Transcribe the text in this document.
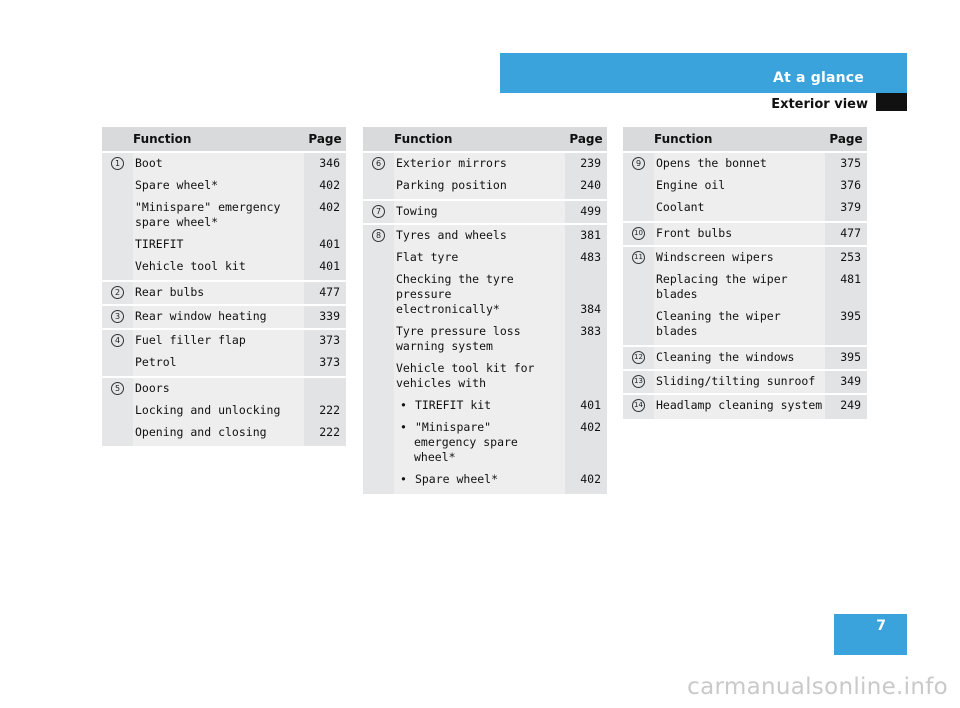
At a glance
Exterior view
	Function	Page

1	Boot	346
	Spare wheel*	402
	"Minispare" emergency spare wheel*	402
	TIREFIT	401
	Vehicle tool kit	401

2	Rear bulbs	477

3	Rear window heating	339

4	Fuel filler flap	373
	Petrol	373

5	Doors	
	Locking and unlocking	222
	Opening and closing	222
	Function	Page

6	Exterior mirrors	239
	Parking position	240

7	Towing	499

8	Tyres and wheels	381
	Flat tyre	483
	Checking the tyre pressure electronically*	384
	Tyre pressure loss warning system	383
	Vehicle tool kit for vehicles with	
	• TIREFIT kit	401
	• "Minispare" emergency spare wheel*	402
	• Spare wheel*	402
	Function	Page

9	Opens the bonnet	375
	Engine oil	376
	Coolant	379

10	Front bulbs	477

11	Windscreen wipers	253
	Replacing the wiper blades	481
	Cleaning the wiper blades	395

12	Cleaning the windows	395

13	Sliding/tilting sunroof	349

14	Headlamp cleaning system	249
7
carmanualsonline.info
